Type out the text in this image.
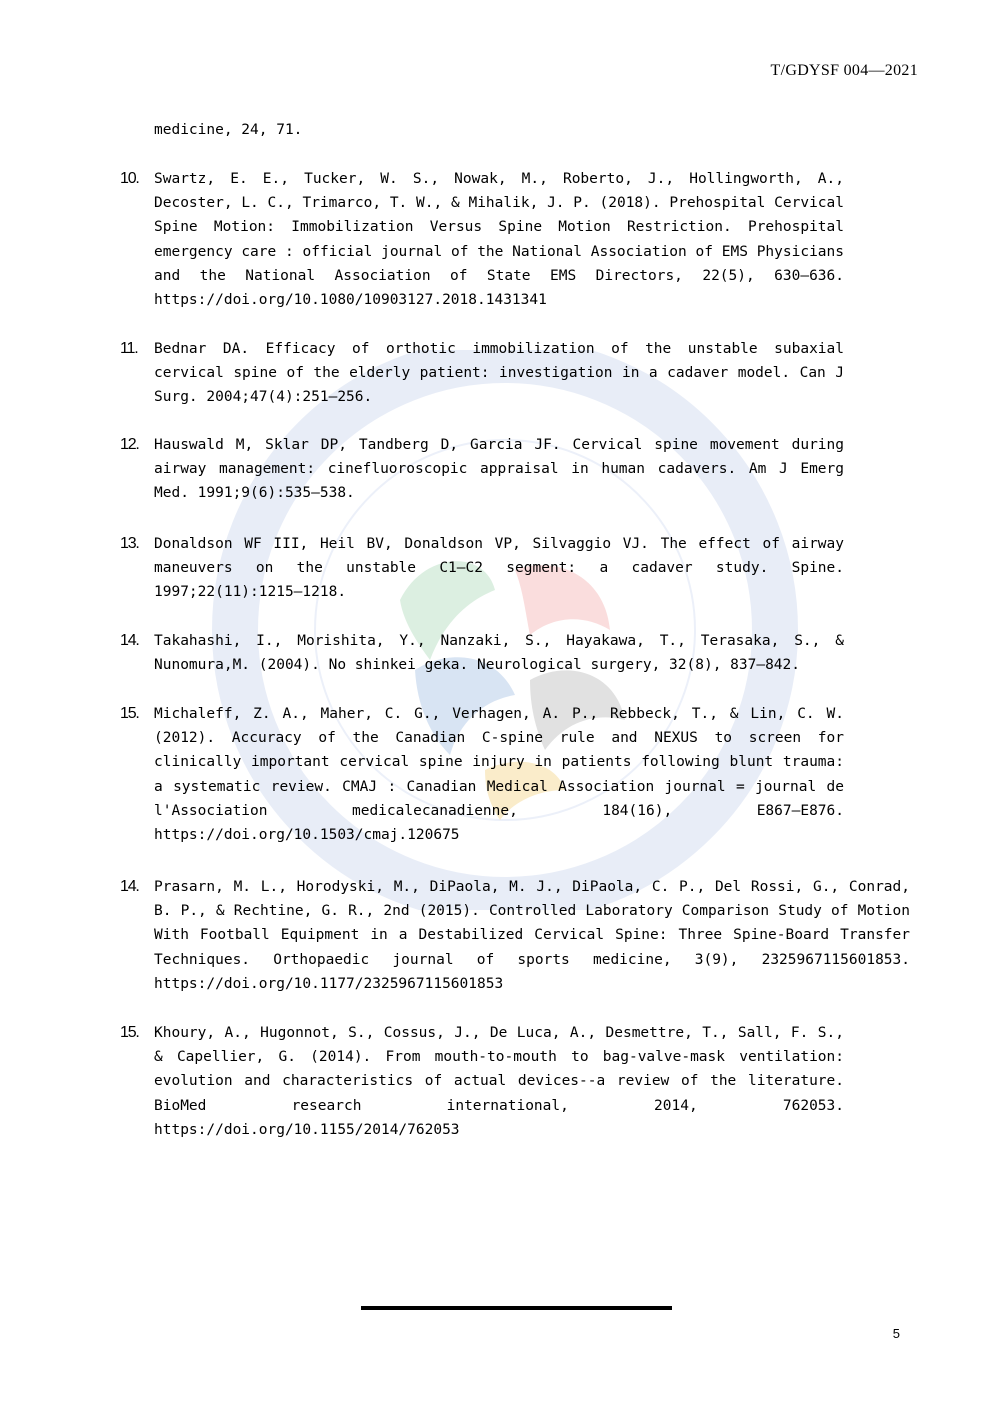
T/GDYSF 004—2021
medicine, 24, 71.
10. Swartz, E. E., Tucker, W. S., Nowak, M., Roberto, J., Hollingworth, A., Decoster, L. C., Trimarco, T. W., & Mihalik, J. P. (2018). Prehospital Cervical Spine Motion: Immobilization Versus Spine Motion Restriction. Prehospital emergency care : official journal of the National Association of EMS Physicians and the National Association of State EMS Directors, 22(5), 630–636. https://doi.org/10.1080/10903127.2018.1431341
11. Bednar DA. Efficacy of orthotic immobilization of the unstable subaxial cervical spine of the elderly patient: investigation in a cadaver model. Can J Surg. 2004;47(4):251–256.
12. Hauswald M, Sklar DP, Tandberg D, Garcia JF. Cervical spine movement during airway management: cinefluoroscopic appraisal in human cadavers. Am J Emerg Med. 1991;9(6):535–538.
13. Donaldson WF III, Heil BV, Donaldson VP, Silvaggio VJ. The effect of airway maneuvers on the unstable C1–C2 segment: a cadaver study. Spine. 1997;22(11):1215–1218.
14. Takahashi, I., Morishita, Y., Nanzaki, S., Hayakawa, T., Terasaka, S., & Nunomura,M. (2004). No shinkei geka. Neurological surgery, 32(8), 837–842.
15. Michaleff, Z. A., Maher, C. G., Verhagen, A. P., Rebbeck, T., & Lin, C. W. (2012). Accuracy of the Canadian C-spine rule and NEXUS to screen for clinically important cervical spine injury in patients following blunt trauma: a systematic review. CMAJ : Canadian Medical Association journal = journal de l'Association medicalecanadienne, 184(16), E867–E876. https://doi.org/10.1503/cmaj.120675
14. Prasarn, M. L., Horodyski, M., DiPaola, M. J., DiPaola, C. P., Del Rossi, G., Conrad, B. P., & Rechtine, G. R., 2nd (2015). Controlled Laboratory Comparison Study of Motion With Football Equipment in a Destabilized Cervical Spine: Three Spine-Board Transfer Techniques. Orthopaedic journal of sports medicine, 3(9), 2325967115601853. https://doi.org/10.1177/2325967115601853
15. Khoury, A., Hugonnot, S., Cossus, J., De Luca, A., Desmettre, T., Sall, F. S., & Capellier, G. (2014). From mouth-to-mouth to bag-valve-mask ventilation: evolution and characteristics of actual devices--a review of the literature. BioMed research international, 2014, 762053. https://doi.org/10.1155/2014/762053
5
